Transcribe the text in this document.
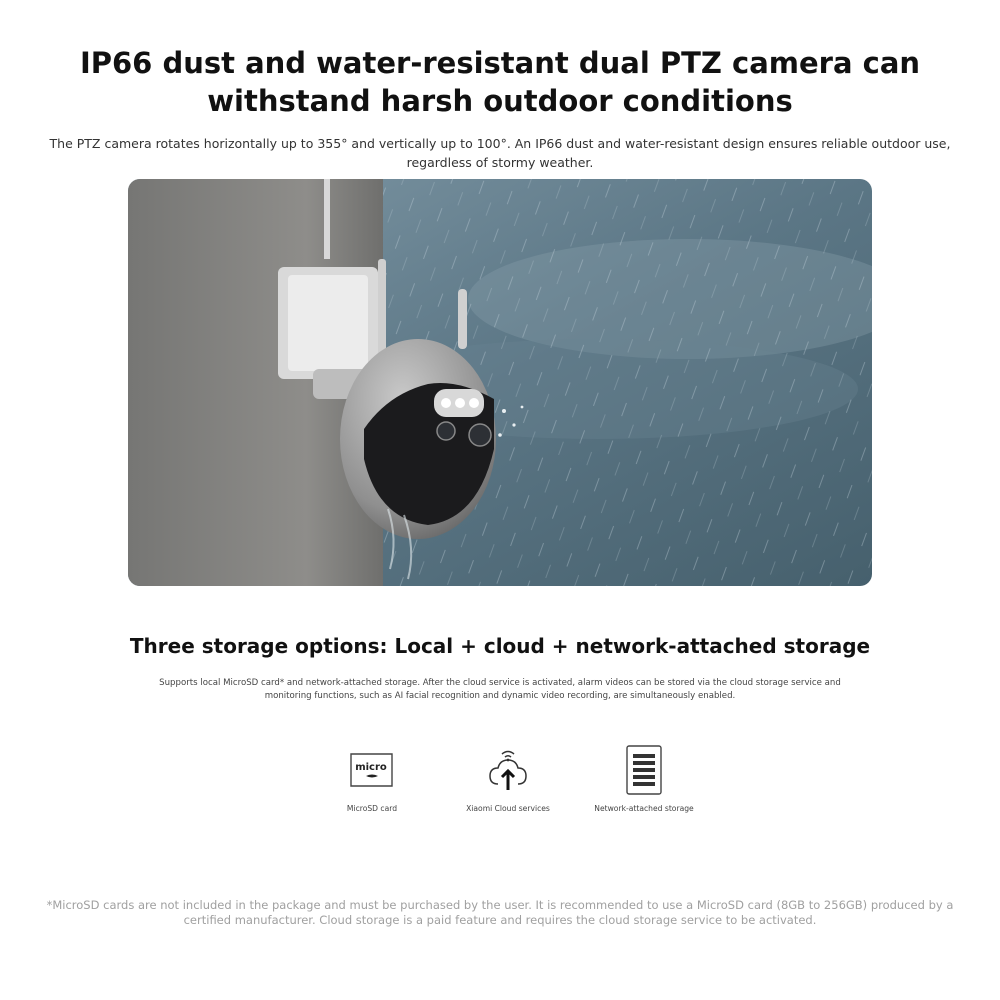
IP66 dust and water-resistant dual PTZ camera can withstand harsh outdoor conditions

The PTZ camera rotates horizontally up to 355° and vertically up to 100°. An IP66 dust and water-resistant design ensures reliable outdoor use, regardless of stormy weather.

Three storage options: Local + cloud + network-attached storage

Supports local MicroSD card* and network-attached storage. After the cloud service is activated, alarm videos can be stored via the cloud storage service and monitoring functions, such as AI facial recognition and dynamic video recording, are simultaneously enabled.

micro
MicroSD card	Xiaomi Cloud services	Network-attached storage

*MicroSD cards are not included in the package and must be purchased by the user. It is recommended to use a MicroSD card (8GB to 256GB) produced by a certified manufacturer. Cloud storage is a paid feature and requires the cloud storage service to be activated.
